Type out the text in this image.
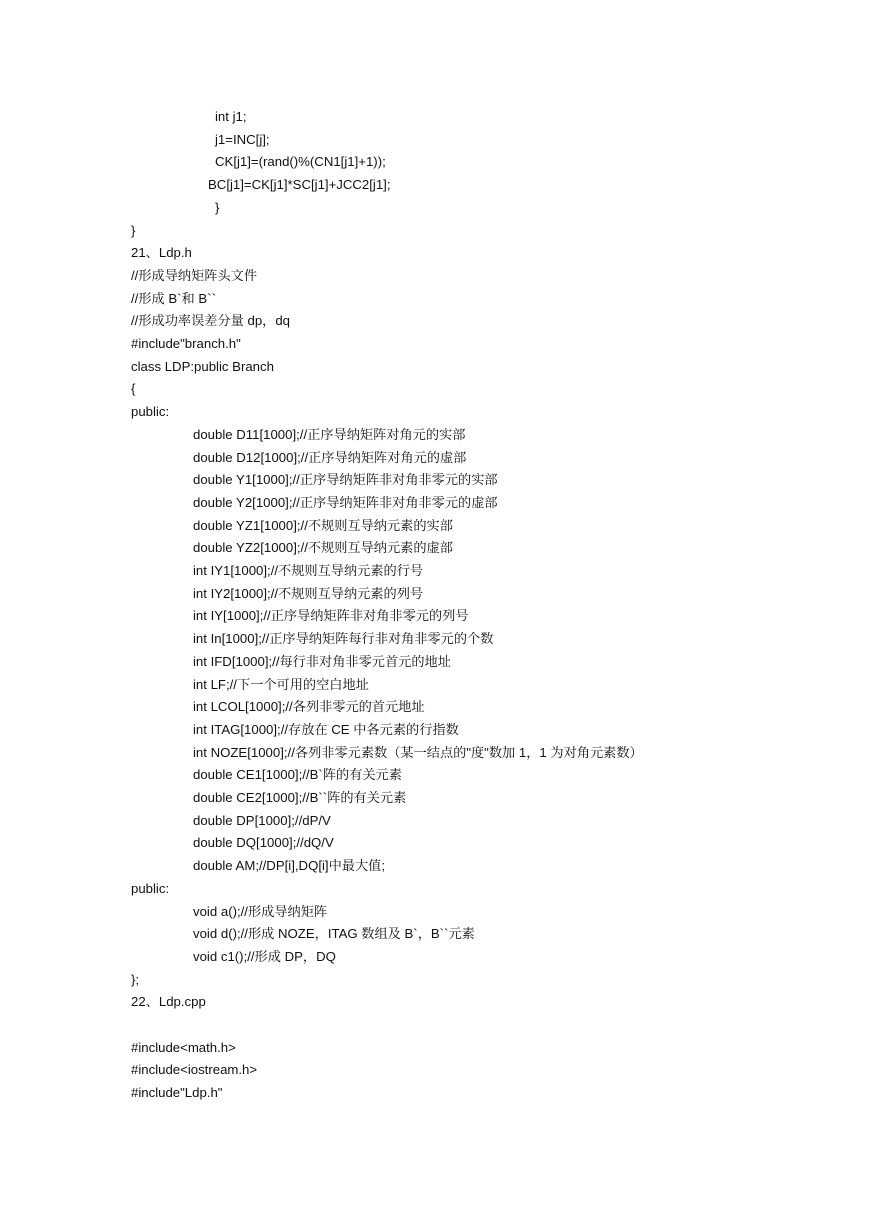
int j1;
j1=INC[j];
CK[j1]=(rand()%(CN1[j1]+1));
BC[j1]=CK[j1]*SC[j1]+JCC2[j1];
}
}
21、Ldp.h
//形成导纳矩阵头文件
//形成 B`和 B``
//形成功率误差分量 dp，dq
#include"branch.h"
class LDP:public Branch
{
public:
double D11[1000];//正序导纳矩阵对角元的实部
double D12[1000];//正序导纳矩阵对角元的虚部
double Y1[1000];//正序导纳矩阵非对角非零元的实部
double Y2[1000];//正序导纳矩阵非对角非零元的虚部
double YZ1[1000];//不规则互导纳元素的实部
double YZ2[1000];//不规则互导纳元素的虚部
int IY1[1000];//不规则互导纳元素的行号
int IY2[1000];//不规则互导纳元素的列号
int IY[1000];//正序导纳矩阵非对角非零元的列号
int In[1000];//正序导纳矩阵每行非对角非零元的个数
int IFD[1000];//每行非对角非零元首元的地址
int LF;//下一个可用的空白地址
int LCOL[1000];//各列非零元的首元地址
int ITAG[1000];//存放在 CE 中各元素的行指数
int NOZE[1000];//各列非零元素数（某一结点的"度"数加 1，1 为对角元素数）
double CE1[1000];//B`阵的有关元素
double CE2[1000];//B``阵的有关元素
double DP[1000];//dP/V
double DQ[1000];//dQ/V
double AM;//DP[i],DQ[i]中最大值;
public:
void a();//形成导纳矩阵
void d();//形成 NOZE，ITAG 数组及 B`，B``元素
void c1();//形成 DP，DQ
};
22、Ldp.cpp
#include<math.h>
#include<iostream.h>
#include"Ldp.h"
